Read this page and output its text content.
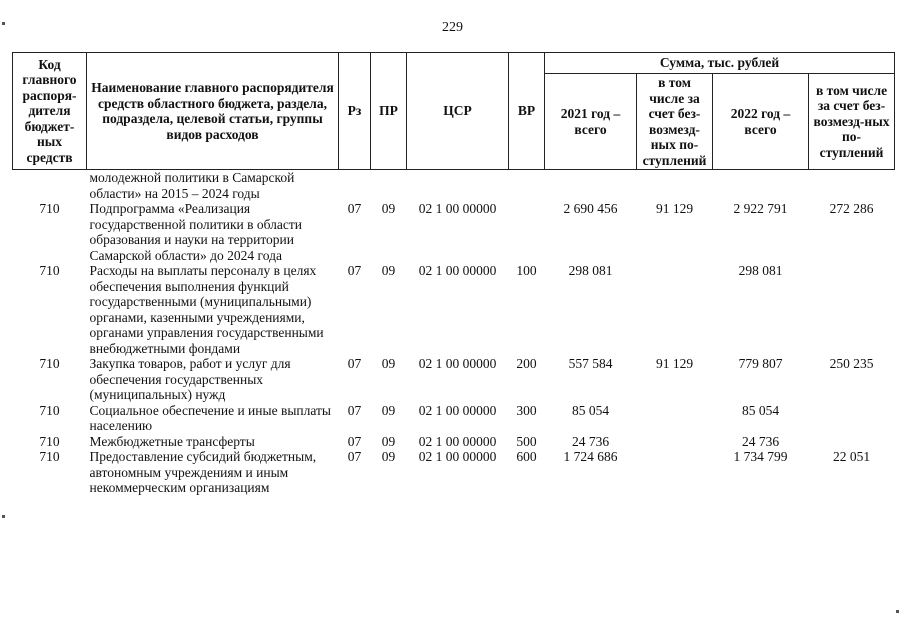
229
Код главного распоря-дителя бюджет-ных средств	Наименование главного распорядителя средств областного бюджета, раздела, подраздела, целевой статьи, группы видов расходов	Рз	ПР	ЦСР	ВР	Сумма, тыс. рублей			
						2021 год – всего	в том числе за счет без-возмезд-ных по-ступлений	2022 год – всего	в том числе за счет без-возмезд-ных по-ступлений
	молодежной политики в Самарской области» на 2015 – 2024 годы								
710	Подпрограмма «Реализация государственной политики в области образования и науки на территории Самарской области» до 2024 года	07	09	02 1 00 00000		2 690 456	91 129	2 922 791	272 286
710	Расходы на выплаты персоналу в целях обеспечения выполнения функций государственными (муниципальными) органами, казенными учреждениями, органами управления государственными внебюджетными фондами	07	09	02 1 00 00000	100	298 081		298 081	
710	Закупка товаров, работ и услуг для обеспечения государственных (муниципальных) нужд	07	09	02 1 00 00000	200	557 584	91 129	779 807	250 235
710	Социальное обеспечение и иные выплаты населению	07	09	02 1 00 00000	300	85 054		85 054	
710	Межбюджетные трансферты	07	09	02 1 00 00000	500	24 736		24 736	
710	Предоставление субсидий бюджетным, автономным учреждениям и иным некоммерческим организациям	07	09	02 1 00 00000	600	1 724 686		1 734 799	22 051
